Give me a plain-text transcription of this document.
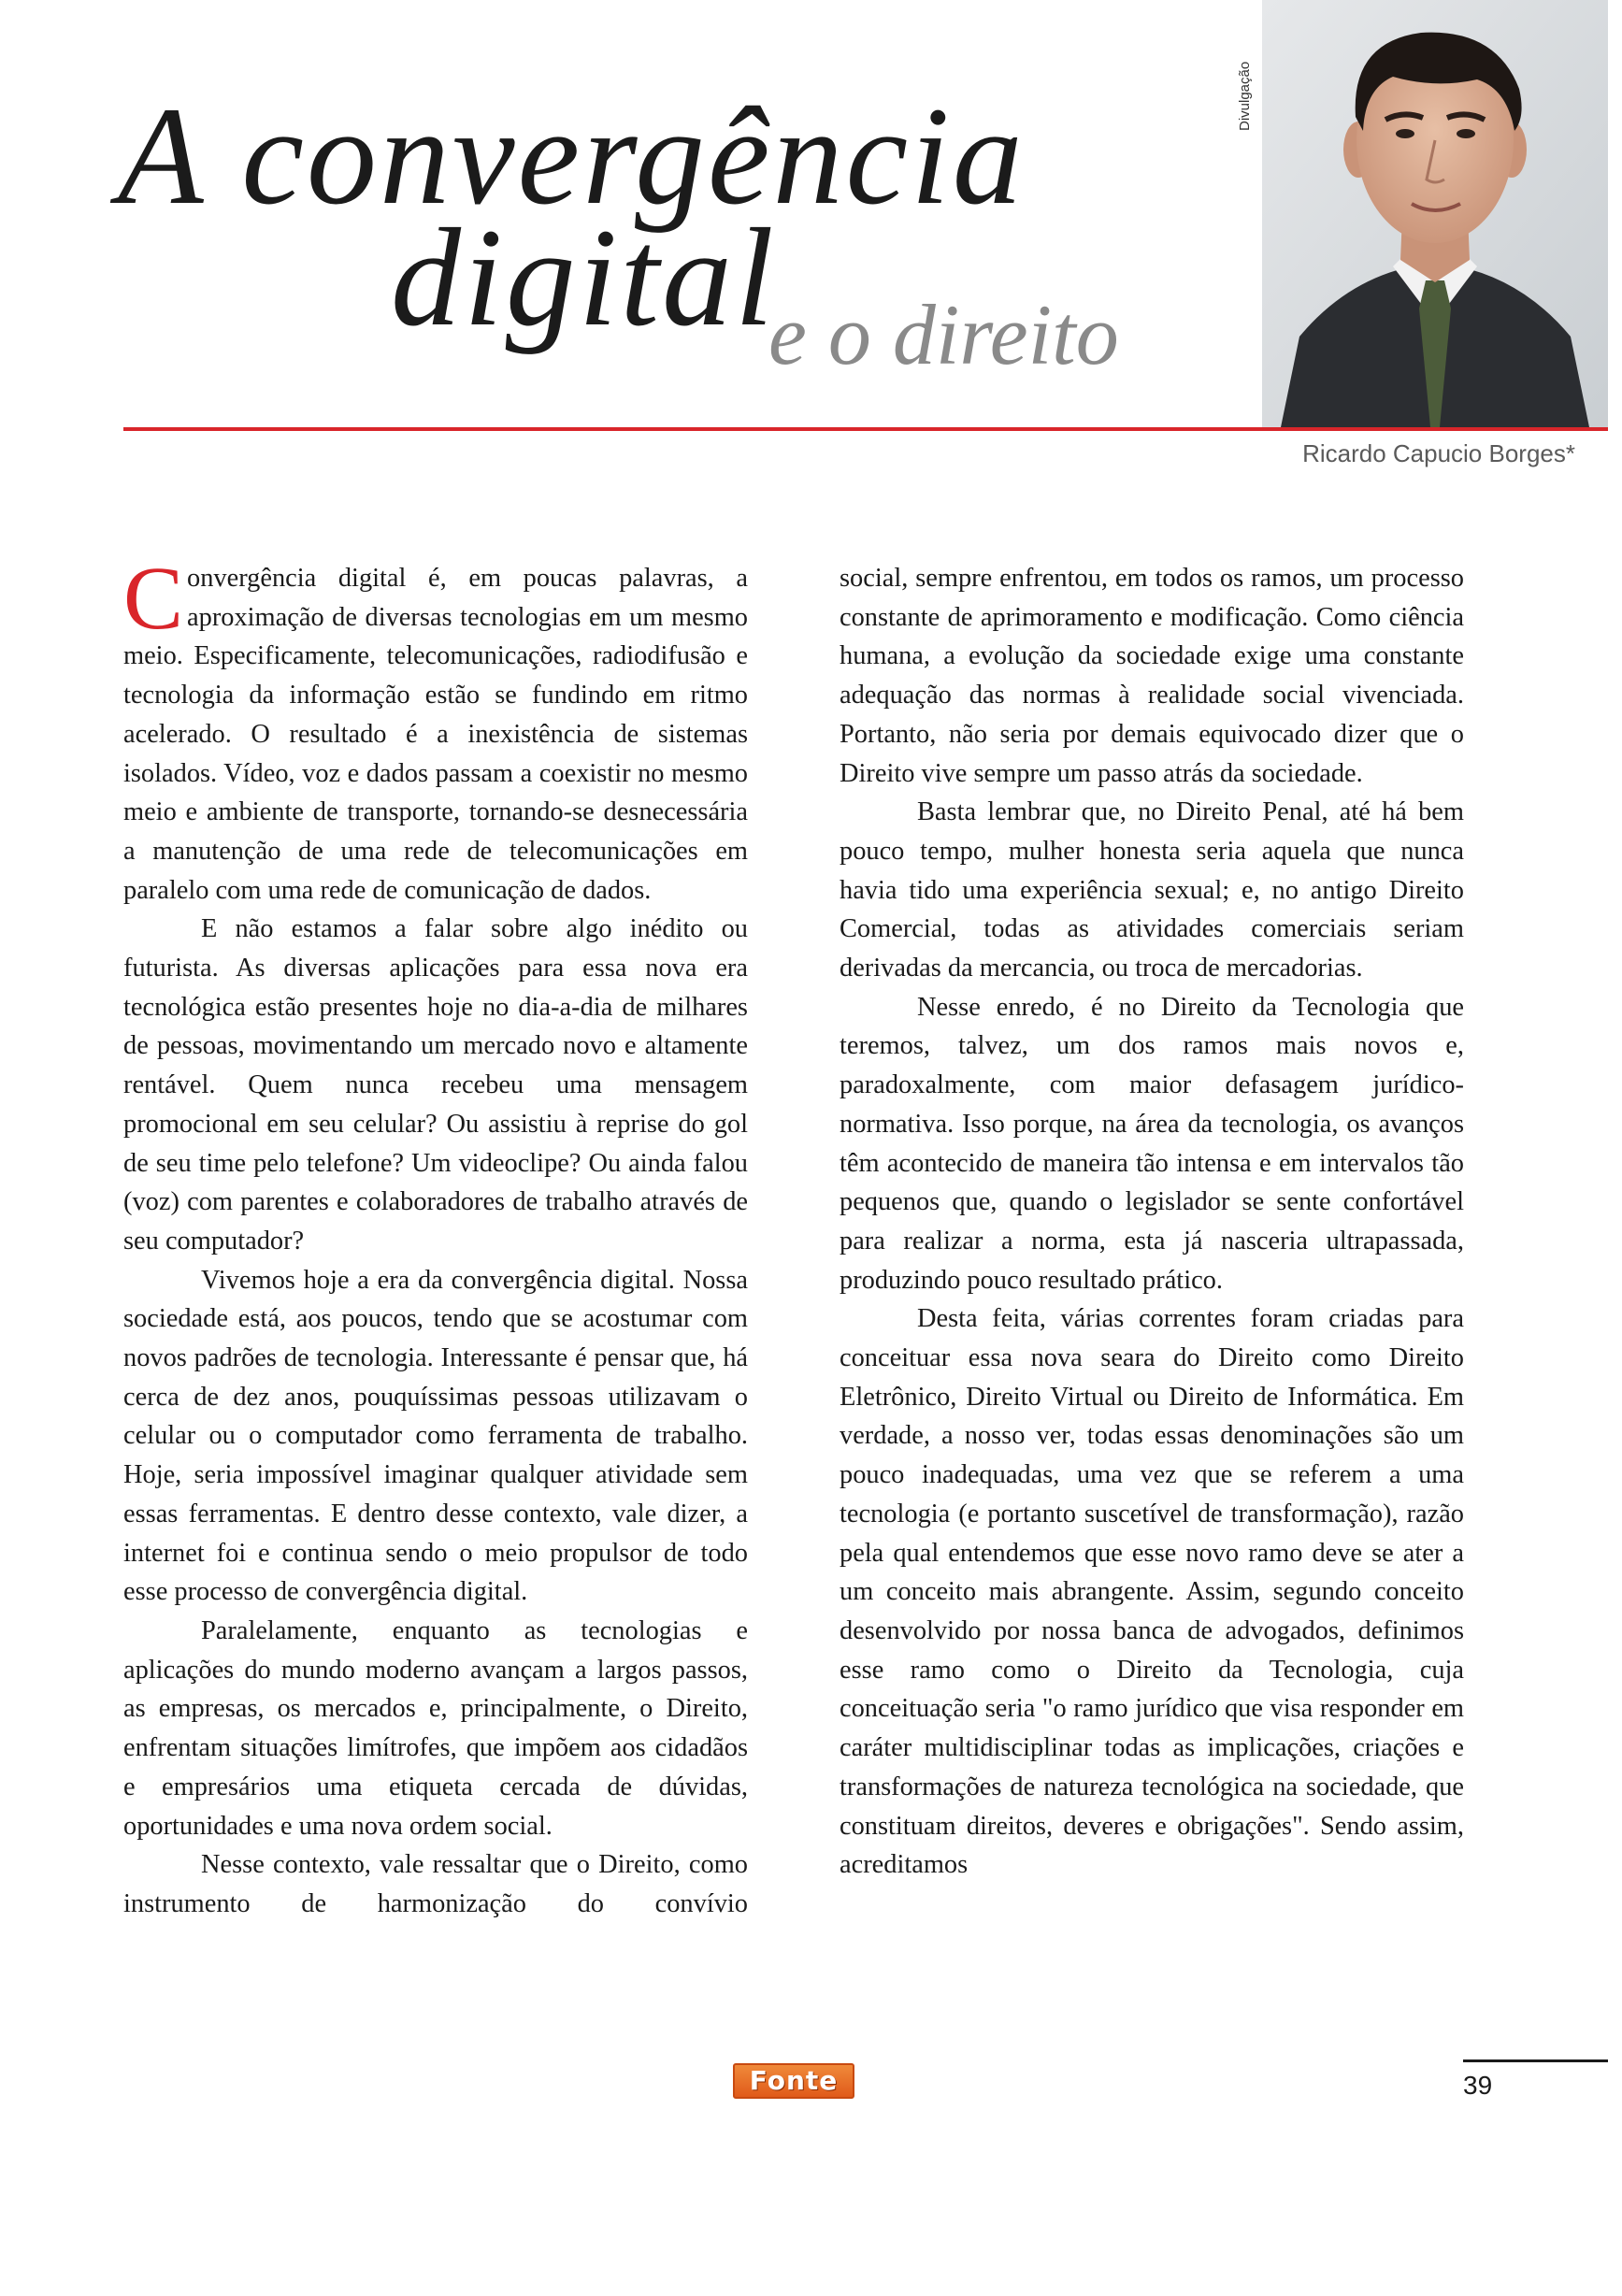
A convergência
digital
e o direito
Divulgação
Ricardo Capucio Borges*

Convergência digital é, em poucas palavras, a aproximação de diversas tecnologias em um mesmo meio. Especificamente, telecomunicações, radiodifusão e tecnologia da informação estão se fundindo em ritmo acelerado. O resultado é a inexistência de sistemas isolados. Vídeo, voz e dados passam a coexistir no mesmo meio e ambiente de transporte, tornando-se desnecessária a manutenção de uma rede de telecomunicações em paralelo com uma rede de comunicação de dados.

E não estamos a falar sobre algo inédito ou futurista. As diversas aplicações para essa nova era tecnológica estão presentes hoje no dia-a-dia de milhares de pessoas, movimentando um mercado novo e altamente rentável. Quem nunca recebeu uma mensagem promocional em seu celular? Ou assistiu à reprise do gol de seu time pelo telefone? Um videoclipe? Ou ainda falou (voz) com parentes e colaboradores de trabalho através de seu computador?

Vivemos hoje a era da convergência digital. Nossa sociedade está, aos poucos, tendo que se acostumar com novos padrões de tecnologia. Interessante é pensar que, há cerca de dez anos, pouquíssimas pessoas utilizavam o celular ou o computador como ferramenta de trabalho. Hoje, seria impossível imaginar qualquer atividade sem essas ferramentas. E dentro desse contexto, vale dizer, a internet foi e continua sendo o meio propulsor de todo esse processo de convergência digital.

Paralelamente, enquanto as tecnologias e aplicações do mundo moderno avançam a largos passos, as empresas, os mercados e, principalmente, o Direito, enfrentam situações limítrofes, que impõem aos cidadãos e empresários uma etiqueta cercada de dúvidas, oportunidades e uma nova ordem social.

Nesse contexto, vale ressaltar que o Direito, como instrumento de harmonização do convívio

social, sempre enfrentou, em todos os ramos, um processo constante de aprimoramento e modificação. Como ciência humana, a evolução da sociedade exige uma constante adequação das normas à realidade social vivenciada. Portanto, não seria por demais equivocado dizer que o Direito vive sempre um passo atrás da sociedade.

Basta lembrar que, no Direito Penal, até há bem pouco tempo, mulher honesta seria aquela que nunca havia tido uma experiência sexual; e, no antigo Direito Comercial, todas as atividades comerciais seriam derivadas da mercancia, ou troca de mercadorias.

Nesse enredo, é no Direito da Tecnologia que teremos, talvez, um dos ramos mais novos e, paradoxalmente, com maior defasagem jurídico-normativa. Isso porque, na área da tecnologia, os avanços têm acontecido de maneira tão intensa e em intervalos tão pequenos que, quando o legislador se sente confortável para realizar a norma, esta já nasceria ultrapassada, produzindo pouco resultado prático.

Desta feita, várias correntes foram criadas para conceituar essa nova seara do Direito como Direito Eletrônico, Direito Virtual ou Direito de Informática. Em verdade, a nosso ver, todas essas denominações são um pouco inadequadas, uma vez que se referem a uma tecnologia (e portanto suscetível de transformação), razão pela qual entendemos que esse novo ramo deve se ater a um conceito mais abrangente. Assim, segundo conceito desenvolvido por nossa banca de advogados, definimos esse ramo como o Direito da Tecnologia, cuja conceituação seria "o ramo jurídico que visa responder em caráter multidisciplinar todas as implicações, criações e transformações de natureza tecnológica na sociedade, que constituam direitos, deveres e obrigações". Sendo assim, acreditamos

Fonte	39
